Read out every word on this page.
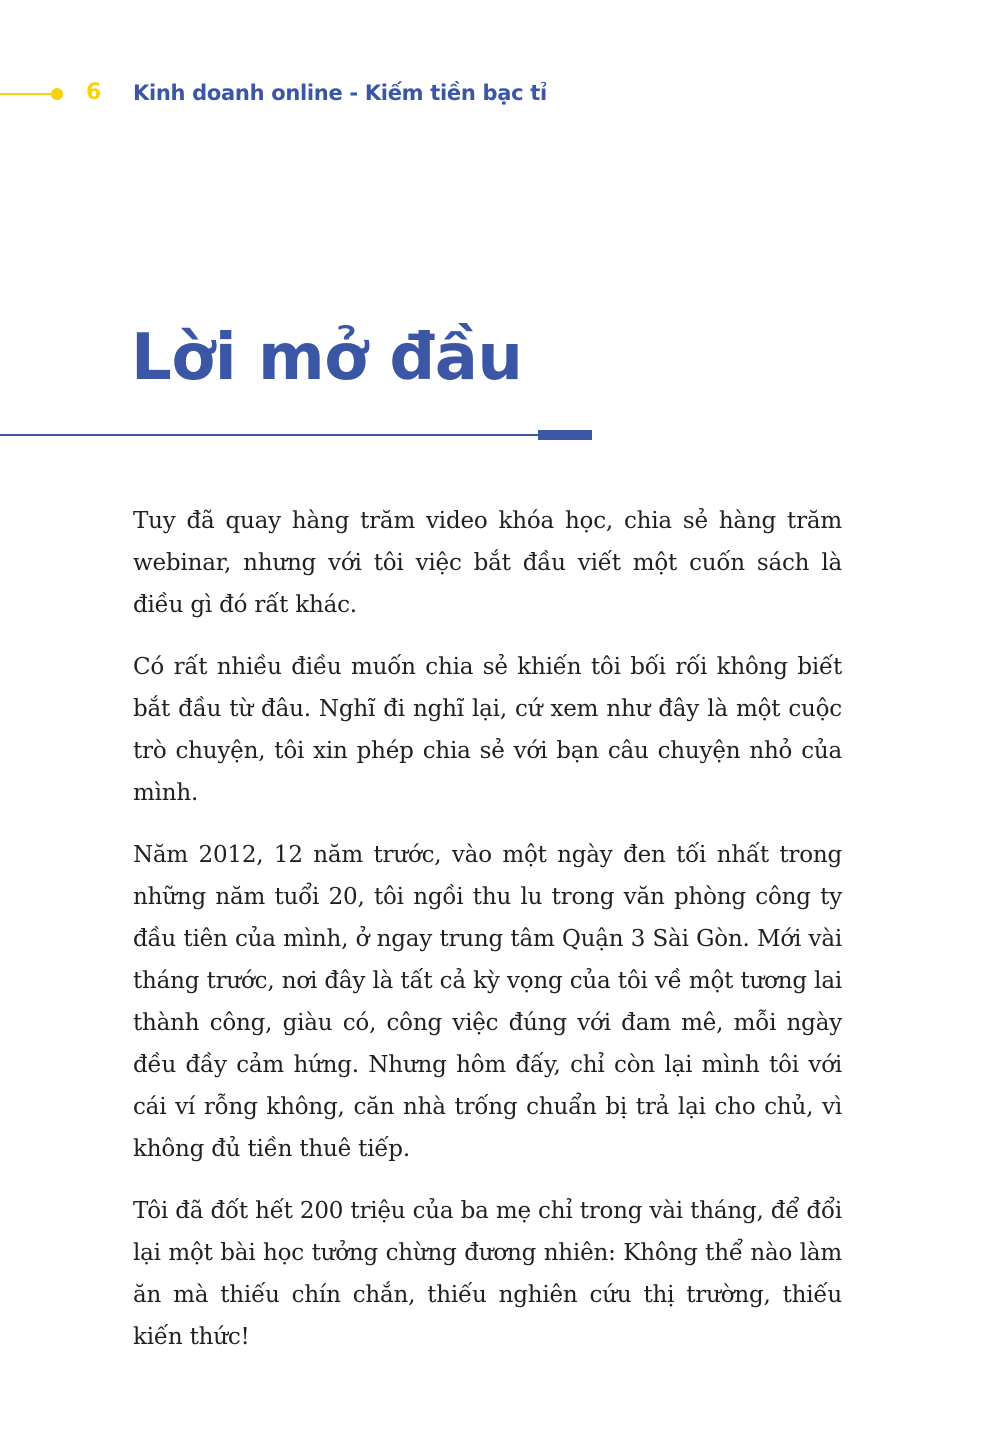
6 Kinh doanh online - Kiếm tiền bạc tỉ
Lời mở đầu

Tuy đã quay hàng trăm video khóa học, chia sẻ hàng trăm webinar, nhưng với tôi việc bắt đầu viết một cuốn sách là điều gì đó rất khác.

Có rất nhiều điều muốn chia sẻ khiến tôi bối rối không biết bắt đầu từ đâu. Nghĩ đi nghĩ lại, cứ xem như đây là một cuộc trò chuyện, tôi xin phép chia sẻ với bạn câu chuyện nhỏ của mình.

Năm 2012, 12 năm trước, vào một ngày đen tối nhất trong những năm tuổi 20, tôi ngồi thu lu trong văn phòng công ty đầu tiên của mình, ở ngay trung tâm Quận 3 Sài Gòn. Mới vài tháng trước, nơi đây là tất cả kỳ vọng của tôi về một tương lai thành công, giàu có, công việc đúng với đam mê, mỗi ngày đều đầy cảm hứng. Nhưng hôm đấy, chỉ còn lại mình tôi với cái ví rỗng không, căn nhà trống chuẩn bị trả lại cho chủ, vì không đủ tiền thuê tiếp.

Tôi đã đốt hết 200 triệu của ba mẹ chỉ trong vài tháng, để đổi lại một bài học tưởng chừng đương nhiên: Không thể nào làm ăn mà thiếu chín chắn, thiếu nghiên cứu thị trường, thiếu kiến thức!
